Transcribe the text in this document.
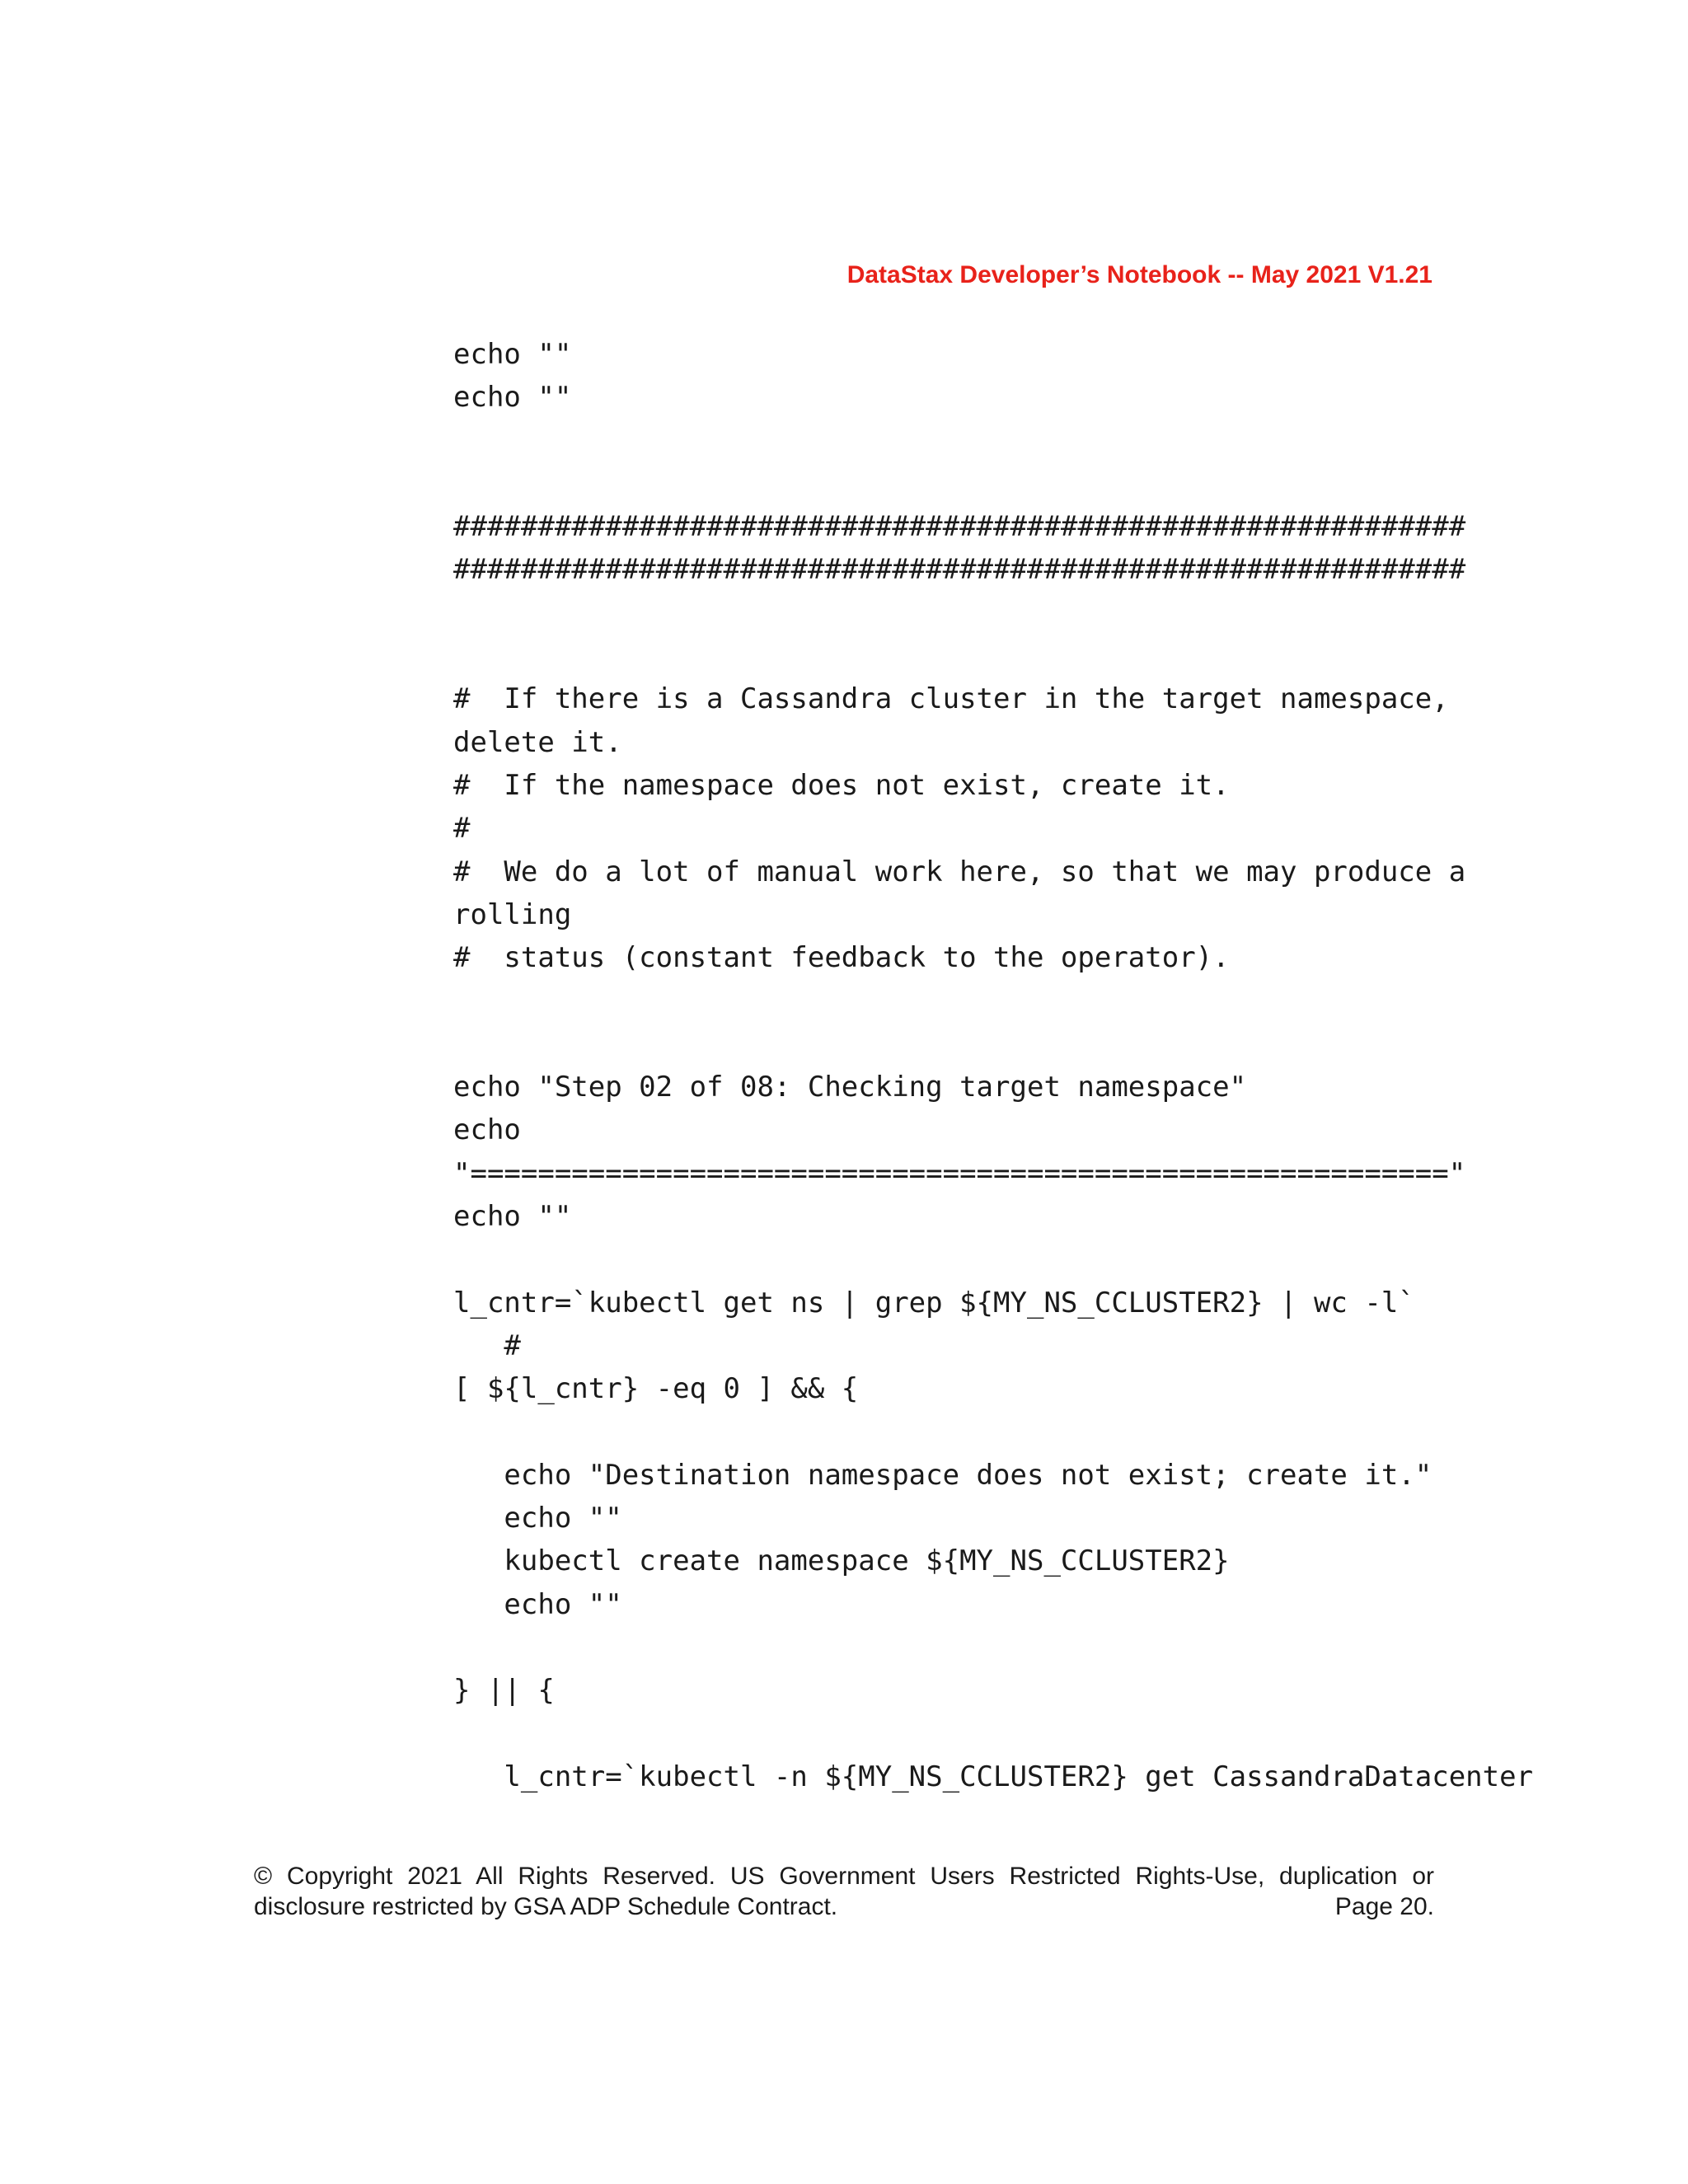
DataStax Developer’s Notebook -- May 2021 V1.21
echo ""
echo ""
############################################################
############################################################
#  If there is a Cassandra cluster in the target namespace,
delete it.
#  If the namespace does not exist, create it.
#
#  We do a lot of manual work here, so that we may produce a
rolling
#  status (constant feedback to the operator).
echo "Step 02 of 08: Checking target namespace"
echo
"=========================================================="
echo ""
l_cntr=`kubectl get ns | grep ${MY_NS_CCLUSTER2} | wc -l`
#
[ ${l_cntr} -eq 0 ] && {
echo "Destination namespace does not exist; create it."
echo ""
kubectl create namespace ${MY_NS_CCLUSTER2}
echo ""
} || {
l_cntr=`kubectl -n ${MY_NS_CCLUSTER2} get CassandraDatacenter
© Copyright 2021 All Rights Reserved. US Government Users Restricted Rights-Use, duplication or
disclosure restricted by GSA ADP Schedule Contract.	Page 20.
